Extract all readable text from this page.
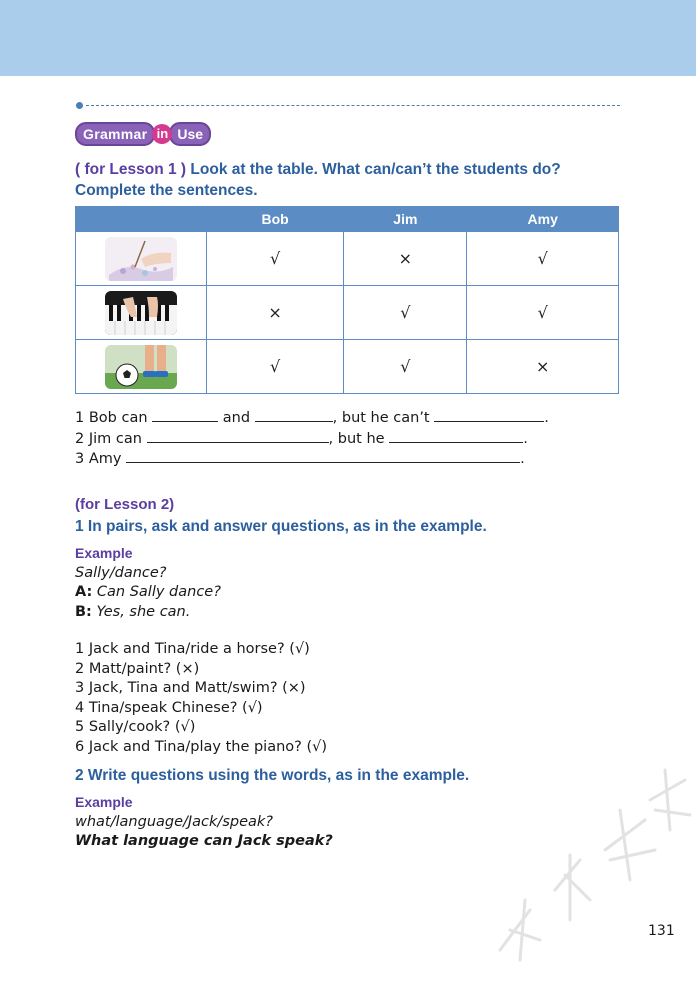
Grammar in Use
( for Lesson 1 ) Look at the table. What can/can’t the students do? Complete the sentences.
	Bob	Jim	Amy

	√	×	√

	×	√	√

	√	√	×
1 Bob can	and	, but he can’t	.
2 Jim can	, but he	.
3 Amy	.
(for Lesson 2)
1 In pairs, ask and answer questions, as in the example.
Example
Sally/dance?
A: Can Sally dance?
B: Yes, she can.
1 Jack and Tina/ride a horse? (√)
2 Matt/paint? (×)
3 Jack, Tina and Matt/swim? (×)
4 Tina/speak Chinese? (√)
5 Sally/cook? (√)
6 Jack and Tina/play the piano? (√)
2 Write questions using the words, as in the example.
Example
what/language/Jack/speak?
What language can Jack speak?
131
